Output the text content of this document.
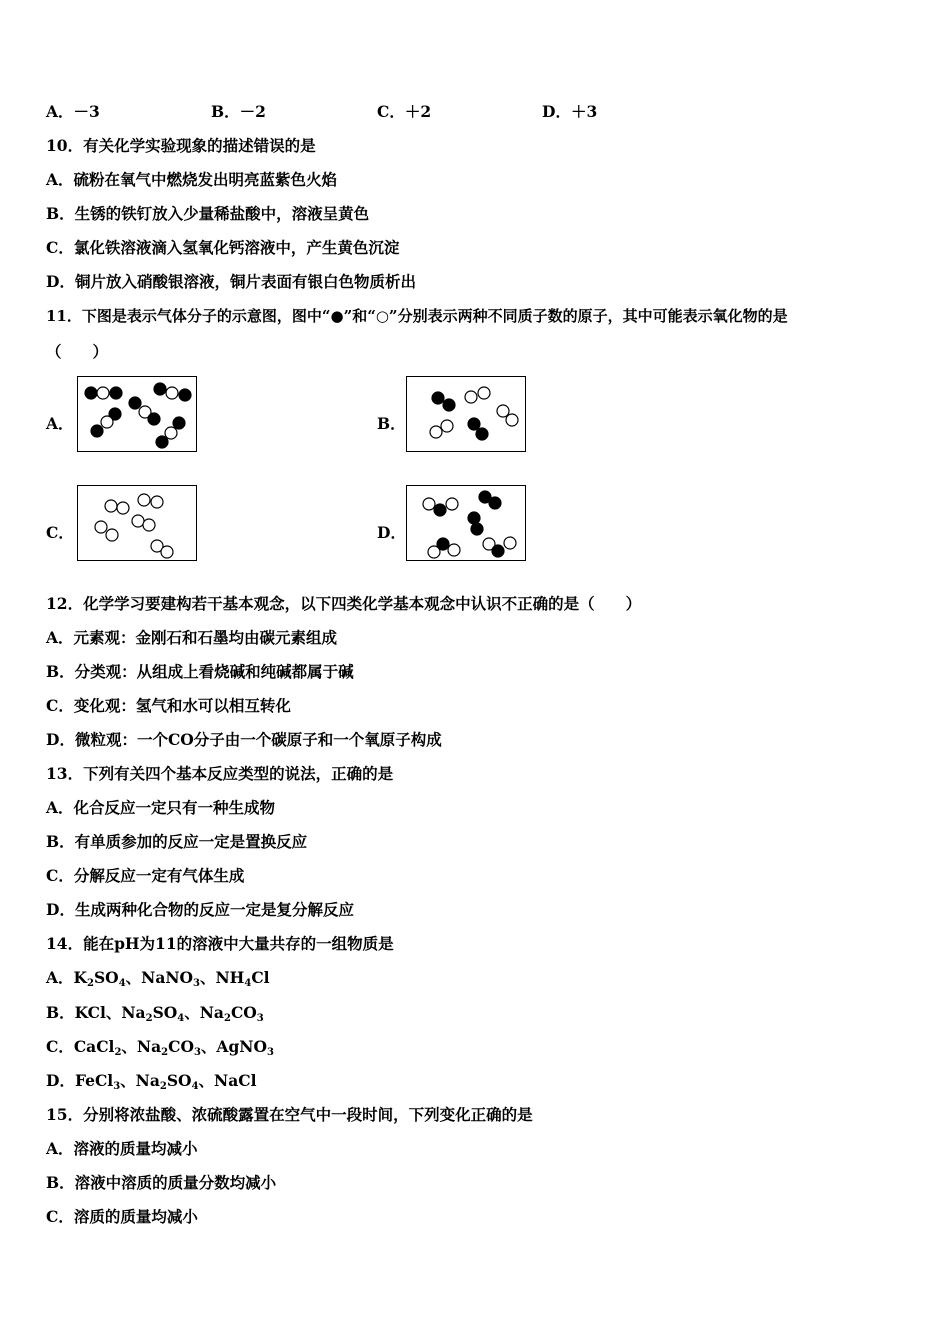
A．－3	B．－2	C．＋2	D．＋3
10．有关化学实验现象的描述错误的是
A．硫粉在氧气中燃烧发出明亮蓝紫色火焰
B．生锈的铁钉放入少量稀盐酸中，溶液呈黄色
C．氯化铁溶液滴入氢氧化钙溶液中，产生黄色沉淀
D．铜片放入硝酸银溶液，铜片表面有银白色物质析出
11．下图是表示气体分子的示意图，图中“●”和“○”分别表示两种不同质子数的原子，其中可能表示氧化物的是
（　　）
A．	B．
C．	D．
12．化学学习要建构若干基本观念，以下四类化学基本观念中认识不正确的是（　　）
A．元素观：金刚石和石墨均由碳元素组成
B．分类观：从组成上看烧碱和纯碱都属于碱
C．变化观：氢气和水可以相互转化
D．微粒观：一个CO分子由一个碳原子和一个氧原子构成
13．下列有关四个基本反应类型的说法，正确的是
A．化合反应一定只有一种生成物
B．有单质参加的反应一定是置换反应
C．分解反应一定有气体生成
D．生成两种化合物的反应一定是复分解反应
14．能在pH为11的溶液中大量共存的一组物质是
A．$K_2SO_4$、NaNO$_3$、$NH_4Cl$
B．KCl、$Na_2SO_4$、$Na_2CO_3$
C．CaCl$_2$、$Na_2CO_3$、AgNO$_3$
D．FeCl$_3$、$Na_2SO_4$、NaCl
15．分别将浓盐酸、浓硫酸露置在空气中一段时间，下列变化正确的是
A．溶液的质量均减小
B．溶液中溶质的质量分数均减小
C．溶质的质量均减小
